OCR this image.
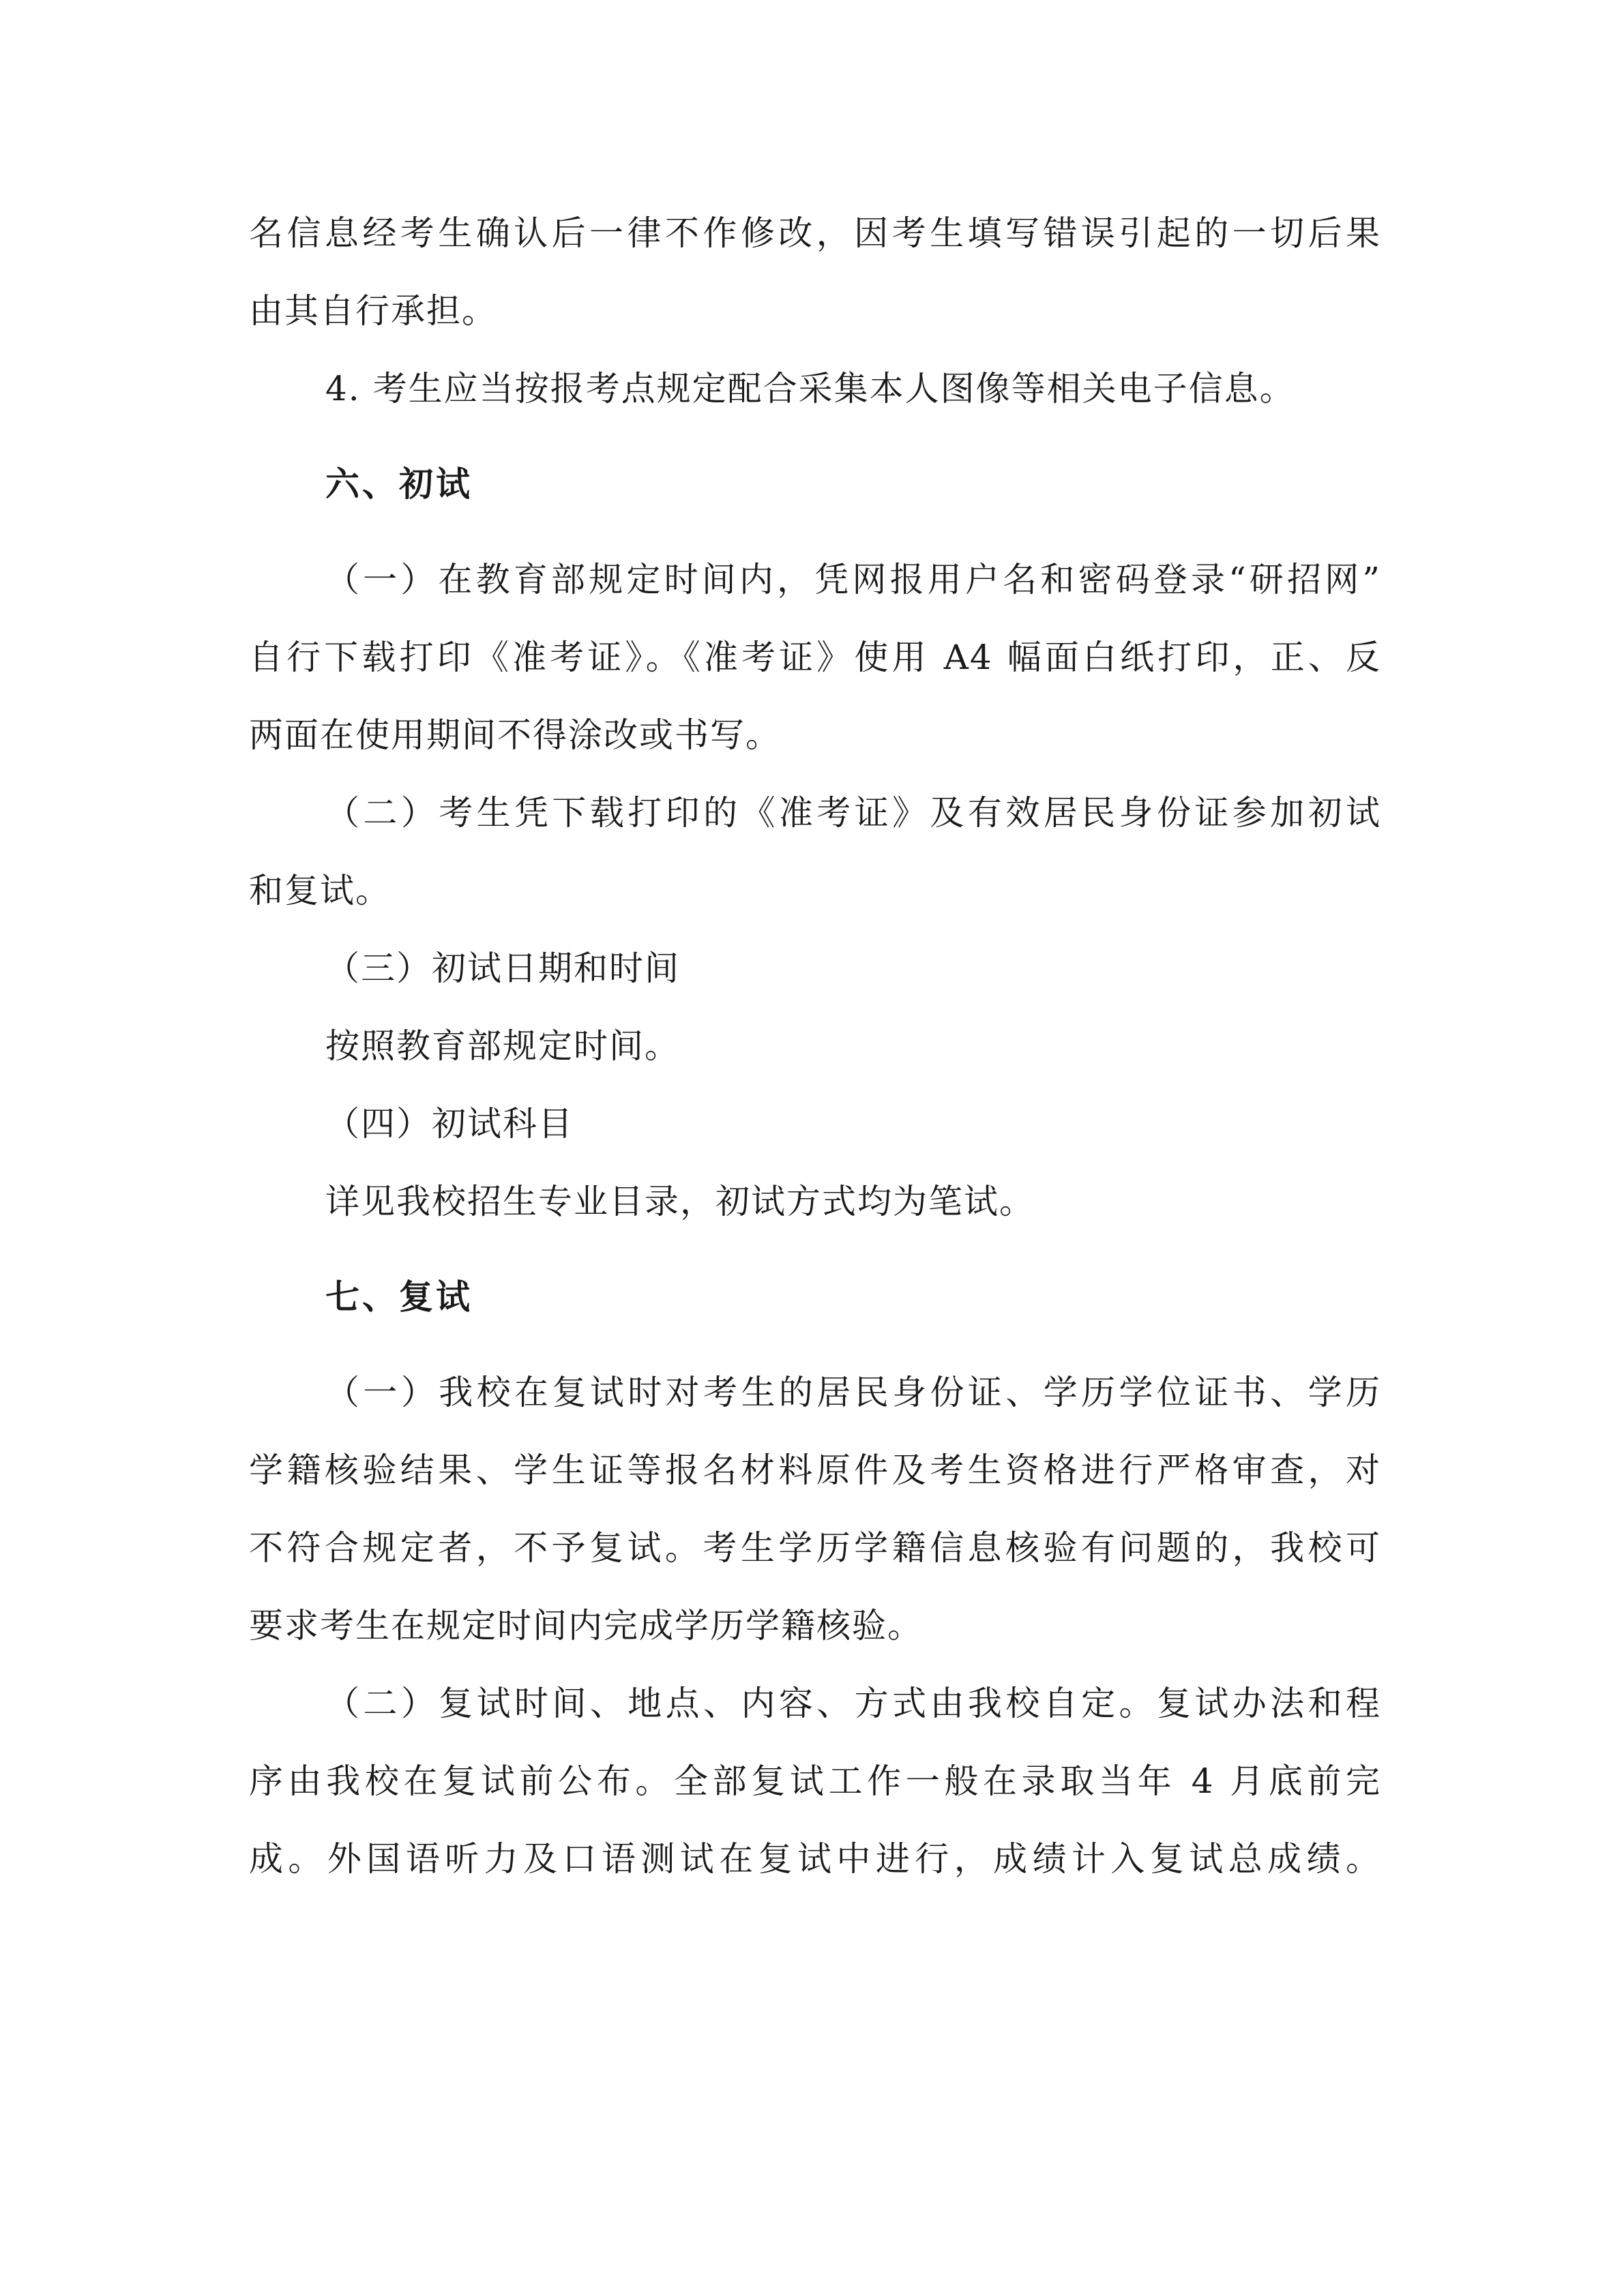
名信息经考生确认后一律不作修改，因考生填写错误引起的一切后果

由其自行承担。

4. 考生应当按报考点规定配合采集本人图像等相关电子信息。

六、初试

（一）在教育部规定时间内，凭网报用户名和密码登录“研招网”

自行下载打印《准考证》。《准考证》使用 A4 幅面白纸打印，正、反

两面在使用期间不得涂改或书写。

（二）考生凭下载打印的《准考证》及有效居民身份证参加初试

和复试。

（三）初试日期和时间

按照教育部规定时间。

（四）初试科目

详见我校招生专业目录，初试方式均为笔试。

七、复试

（一）我校在复试时对考生的居民身份证、学历学位证书、学历

学籍核验结果、学生证等报名材料原件及考生资格进行严格审查，对

不符合规定者，不予复试。考生学历学籍信息核验有问题的，我校可

要求考生在规定时间内完成学历学籍核验。

（二）复试时间、地点、内容、方式由我校自定。复试办法和程

序由我校在复试前公布。全部复试工作一般在录取当年 4 月底前完

成。外国语听力及口语测试在复试中进行，成绩计入复试总成绩。
